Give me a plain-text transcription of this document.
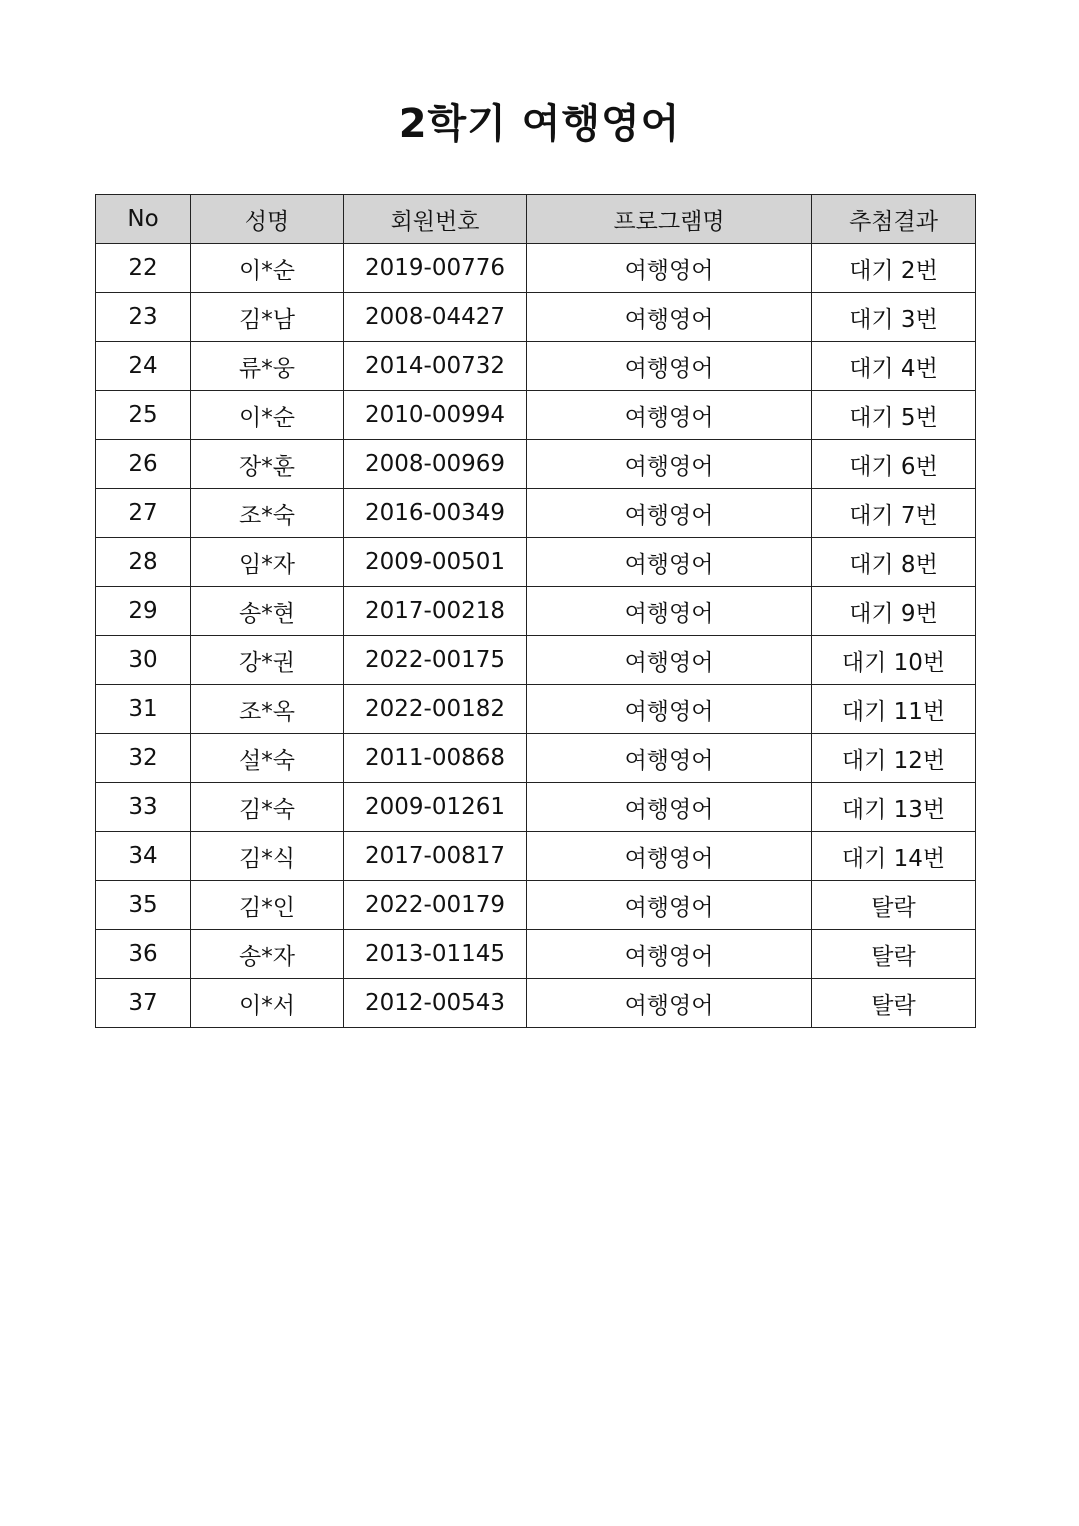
2학기 여행영어
No	성명	회원번호	프로그램명	추첨결과
22	이*순	2019-00776	여행영어	대기 2번
23	김*남	2008-04427	여행영어	대기 3번
24	류*웅	2014-00732	여행영어	대기 4번
25	이*순	2010-00994	여행영어	대기 5번
26	장*훈	2008-00969	여행영어	대기 6번
27	조*숙	2016-00349	여행영어	대기 7번
28	임*자	2009-00501	여행영어	대기 8번
29	송*현	2017-00218	여행영어	대기 9번
30	강*권	2022-00175	여행영어	대기 10번
31	조*옥	2022-00182	여행영어	대기 11번
32	설*숙	2011-00868	여행영어	대기 12번
33	김*숙	2009-01261	여행영어	대기 13번
34	김*식	2017-00817	여행영어	대기 14번
35	김*인	2022-00179	여행영어	탈락
36	송*자	2013-01145	여행영어	탈락
37	이*서	2012-00543	여행영어	탈락
